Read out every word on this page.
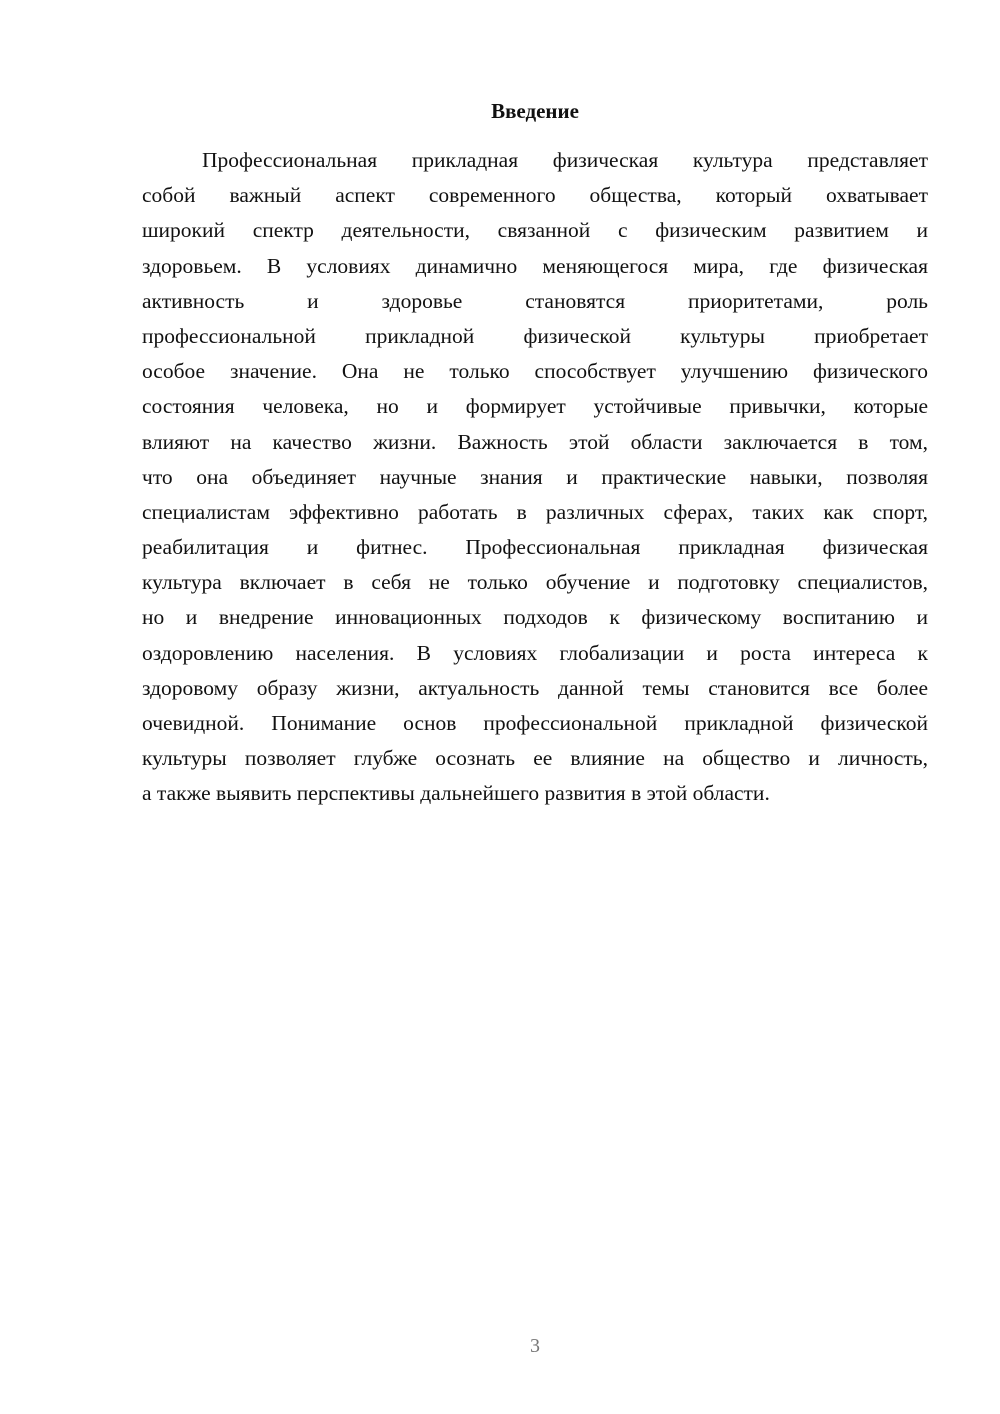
Введение
Профессиональная прикладная физическая культура представляет
собой важный аспект современного общества, который охватывает
широкий спектр деятельности, связанной с физическим развитием и
здоровьем. В условиях динамично меняющегося мира, где физическая
активность и здоровье становятся приоритетами, роль
профессиональной прикладной физической культуры приобретает
особое значение. Она не только способствует улучшению физического
состояния человека, но и формирует устойчивые привычки, которые
влияют на качество жизни. Важность этой области заключается в том,
что она объединяет научные знания и практические навыки, позволяя
специалистам эффективно работать в различных сферах, таких как спорт,
реабилитация и фитнес. Профессиональная прикладная физическая
культура включает в себя не только обучение и подготовку специалистов,
но и внедрение инновационных подходов к физическому воспитанию и
оздоровлению населения. В условиях глобализации и роста интереса к
здоровому образу жизни, актуальность данной темы становится все более
очевидной. Понимание основ профессиональной прикладной физической
культуры позволяет глубже осознать ее влияние на общество и личность,
а также выявить перспективы дальнейшего развития в этой области.
3
